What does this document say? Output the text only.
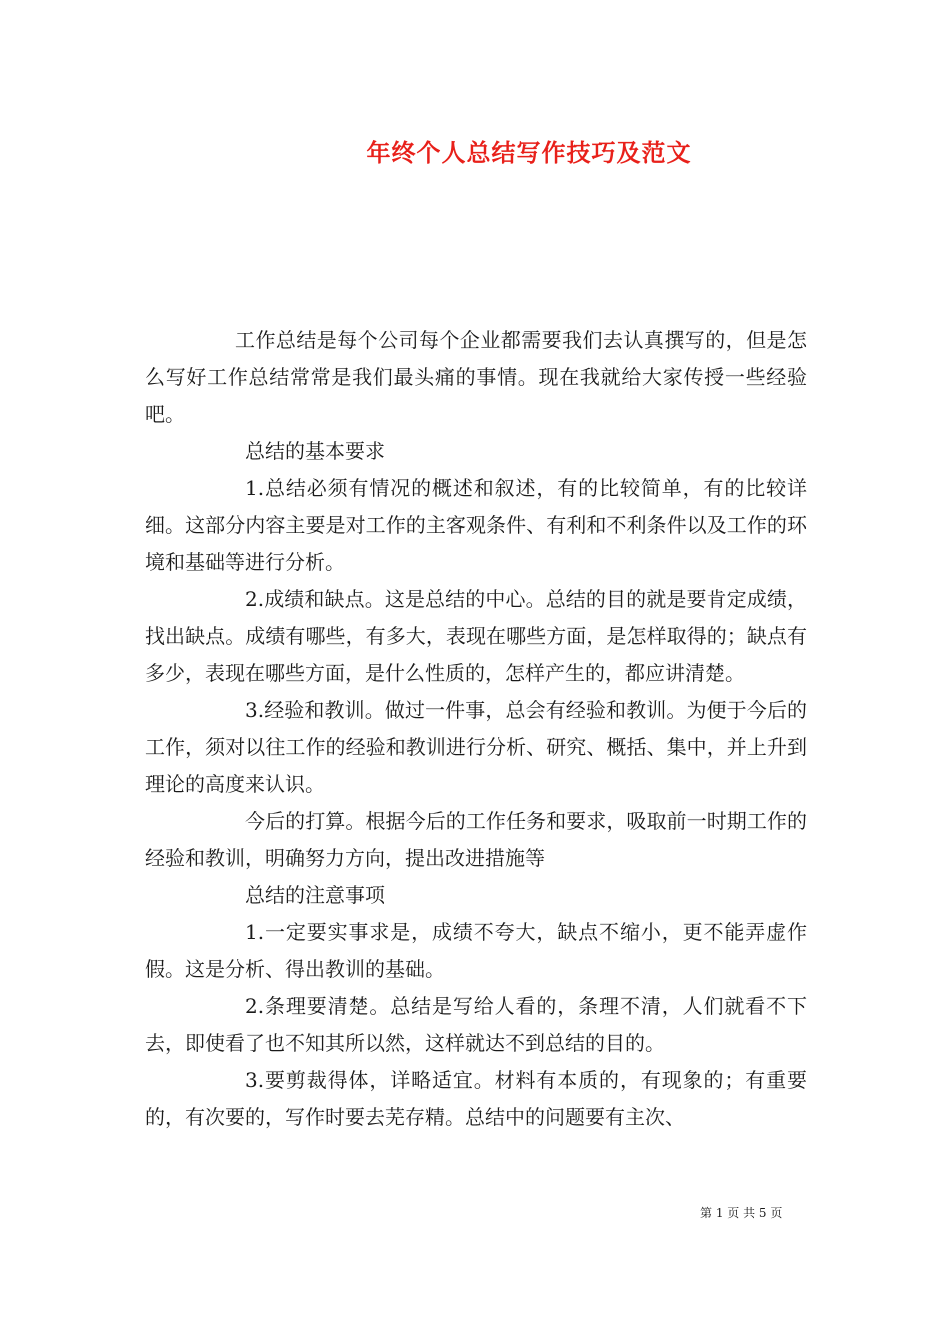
年终个人总结写作技巧及范文

工作总结是每个公司每个企业都需要我们去认真撰写的，但是怎么写好工作总结常常是我们最头痛的事情。现在我就给大家传授一些经验吧。

总结的基本要求

1.总结必须有情况的概述和叙述，有的比较简单，有的比较详细。这部分内容主要是对工作的主客观条件、有利和不利条件以及工作的环境和基础等进行分析。

2.成绩和缺点。这是总结的中心。总结的目的就是要肯定成绩，找出缺点。成绩有哪些，有多大，表现在哪些方面，是怎样取得的；缺点有多少，表现在哪些方面，是什么性质的，怎样产生的，都应讲清楚。

3.经验和教训。做过一件事，总会有经验和教训。为便于今后的工作，须对以往工作的经验和教训进行分析、研究、概括、集中，并上升到理论的高度来认识。

今后的打算。根据今后的工作任务和要求，吸取前一时期工作的经验和教训，明确努力方向，提出改进措施等

总结的注意事项

1.一定要实事求是，成绩不夸大，缺点不缩小，更不能弄虚作假。这是分析、得出教训的基础。

2.条理要清楚。总结是写给人看的，条理不清，人们就看不下去，即使看了也不知其所以然，这样就达不到总结的目的。

3.要剪裁得体，详略适宜。材料有本质的，有现象的；有重要的，有次要的，写作时要去芜存精。总结中的问题要有主次、

第 1 页 共 5 页
